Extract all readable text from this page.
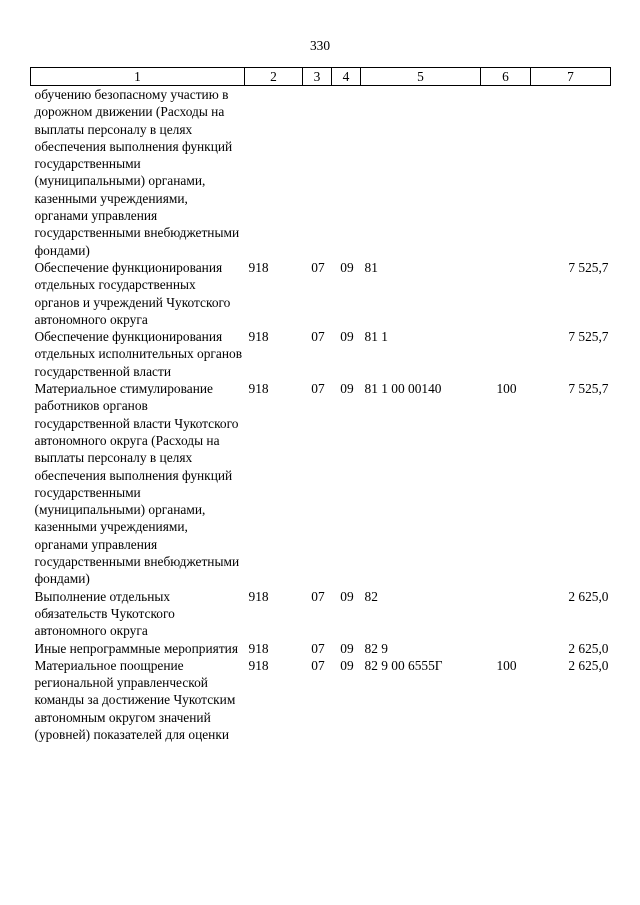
330
1	2	3	4	5	6	7
обучению безопасному участию в дорожном движении (Расходы на выплаты персоналу в целях обеспечения выполнения функций государственными (муниципальными) органами, казенными учреждениями, органами управления государственными внебюджетными фондами)						
Обеспечение функционирования отдельных государственных органов и учреждений Чукотского автономного округа	918	07	09	81		7 525,7
Обеспечение функционирования отдельных исполнительных органов государственной власти	918	07	09	81 1		7 525,7
Материальное стимулирование работников органов государственной власти Чукотского автономного округа (Расходы на выплаты персоналу в целях обеспечения выполнения функций государственными (муниципальными) органами, казенными учреждениями, органами управления государственными внебюджетными фондами)	918	07	09	81 1 00 00140	100	7 525,7
Выполнение отдельных обязательств Чукотского автономного округа	918	07	09	82		2 625,0
Иные непрограммные мероприятия	918	07	09	82 9		2 625,0
Материальное поощрение региональной управленческой команды за достижение Чукотским автономным округом значений (уровней) показателей для оценки	918	07	09	82 9 00 6555Г	100	2 625,0
